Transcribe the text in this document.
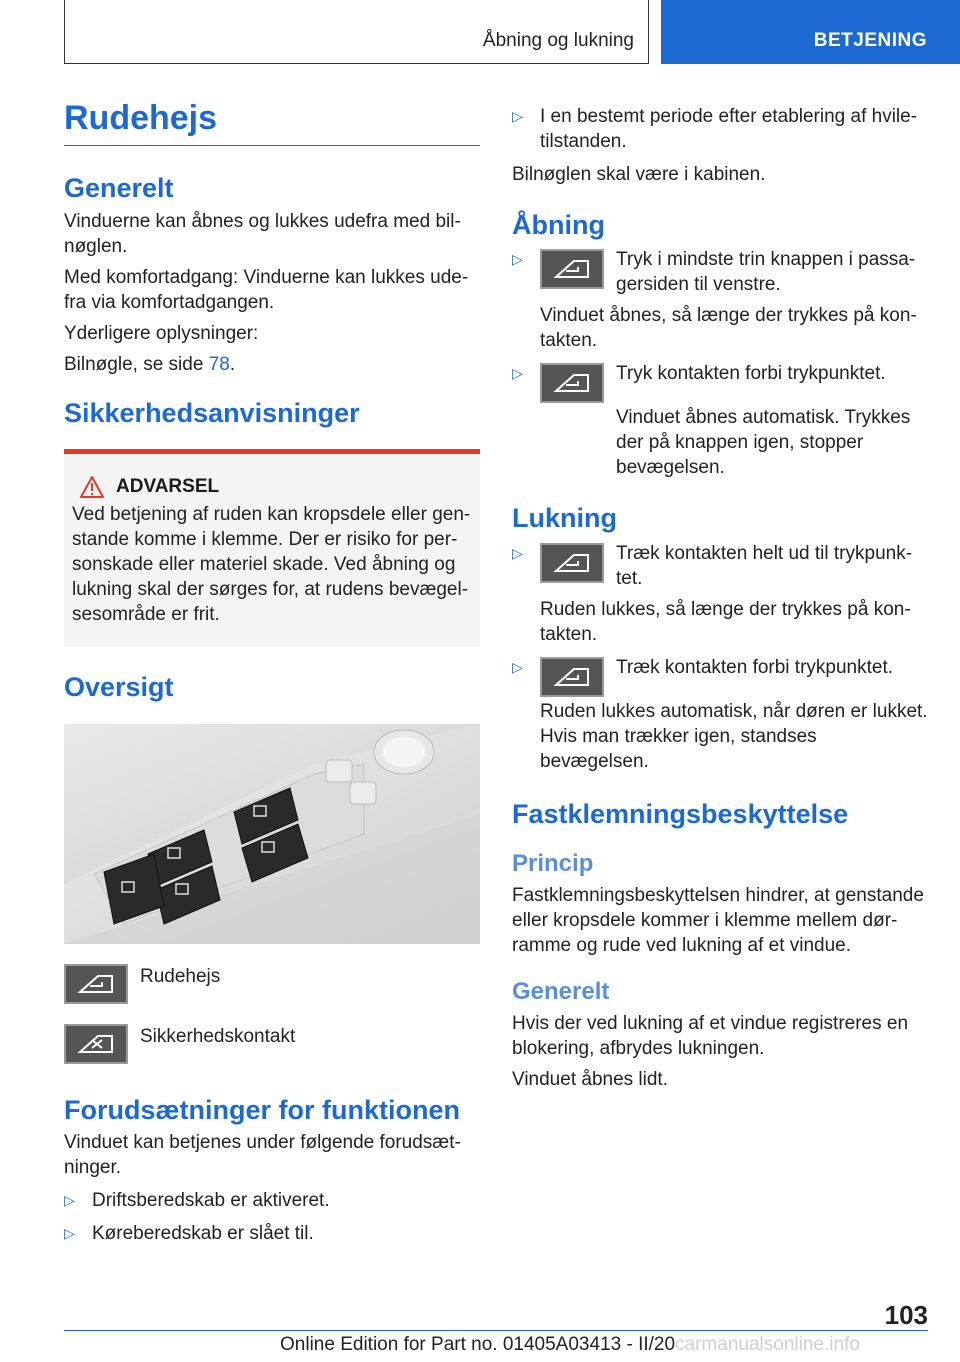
Åbning og lukning	BETJENING
Rudehejs
Generelt

Vinduerne kan åbnes og lukkes udefra med bil-nøglen.

Med komfortadgang: Vinduerne kan lukkes ude-fra via komfortadgangen.

Yderligere oplysninger:

Bilnøgle, se side 78.

Sikkerhedsanvisninger
ADVARSEL

Ved betjening af ruden kan kropsdele eller gen-stande komme i klemme. Der er risiko for per-sonskade eller materiel skade. Ved åbning og lukning skal der sørges for, at rudens bevægel-sesområde er frit.

Oversigt

Rudehejs

Sikkerhedskontakt

Forudsætninger for funktionen

Vinduet kan betjenes under følgende forudsæt-ninger.

▷ Driftsberedskab er aktiveret.

▷ Køreberedskab er slået til.

▷ I en bestemt periode efter etablering af hvile-tilstanden.

Bilnøglen skal være i kabinen.

Åbning
▷	Tryk i mindste trin knappen i passa-gersiden til venstre.

Vinduet åbnes, så længe der trykkes på kon-takten.

▷	Tryk kontakten forbi trykpunktet.

Vinduet åbnes automatisk. Trykkes der på knappen igen, stopper bevægelsen.

Lukning
▷	Træk kontakten helt ud til trykpunk-tet.

Ruden lukkes, så længe der trykkes på kon-takten.

▷	Træk kontakten forbi trykpunktet.

Ruden lukkes automatisk, når døren er lukket. Hvis man trækker igen, standses bevægelsen.

Fastklemningsbeskyttelse
Princip

Fastklemningsbeskyttelsen hindrer, at genstande eller kropsdele kommer i klemme mellem dør-ramme og rude ved lukning af et vindue.

Generelt

Hvis der ved lukning af et vindue registreres en blokering, afbrydes lukningen.

Vinduet åbnes lidt.

103
Online Edition for Part no. 01405A03413 - II/20carmanualsonline.info
